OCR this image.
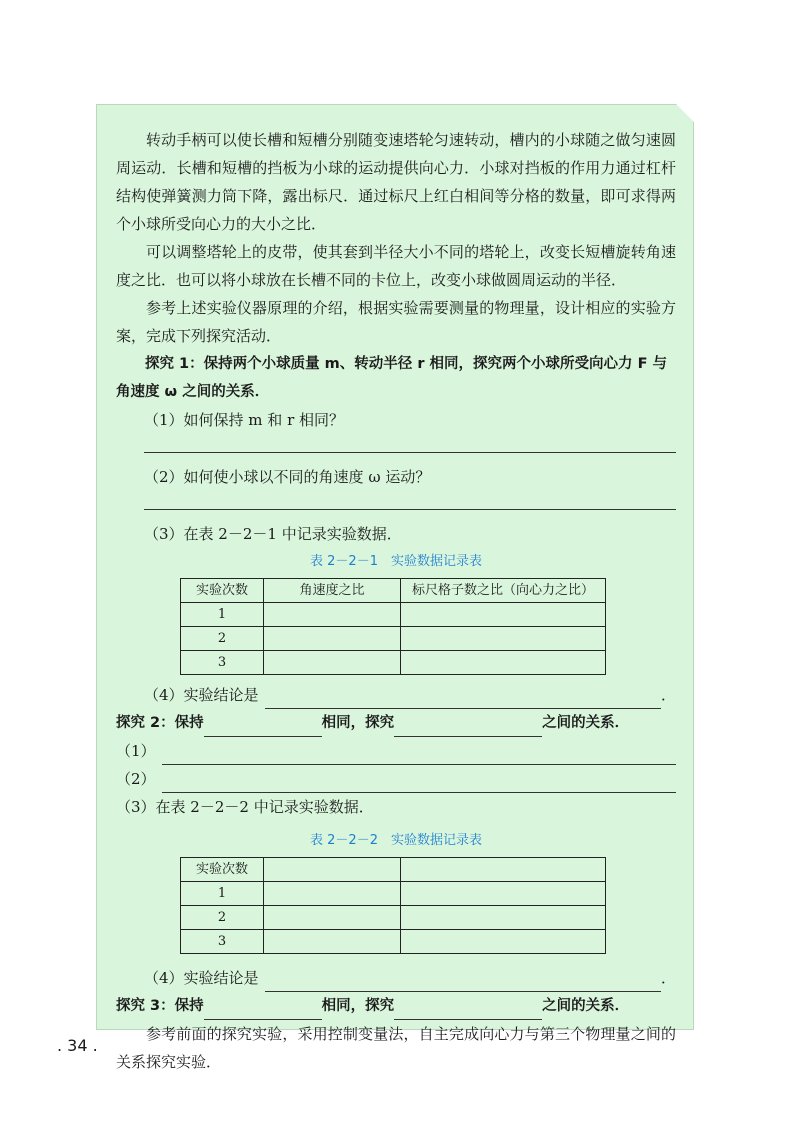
转动手柄可以使长槽和短槽分别随变速塔轮匀速转动，槽内的小球随之做匀速圆周运动．长槽和短槽的挡板为小球的运动提供向心力．小球对挡板的作用力通过杠杆结构使弹簧测力筒下降，露出标尺．通过标尺上红白相间等分格的数量，即可求得两个小球所受向心力的大小之比．

可以调整塔轮上的皮带，使其套到半径大小不同的塔轮上，改变长短槽旋转角速度之比．也可以将小球放在长槽不同的卡位上，改变小球做圆周运动的半径．

参考上述实验仪器原理的介绍，根据实验需要测量的物理量，设计相应的实验方案，完成下列探究活动．

探究 1：保持两个小球质量 m、转动半径 r 相同，探究两个小球所受向心力 F 与角速度 ω 之间的关系．

（1）如何保持 m 和 r 相同？

（2）如何使小球以不同的角速度 ω 运动？

（3）在表 2－2－1 中记录实验数据．

表 2－2－1　实验数据记录表
实验次数	角速度之比	标尺格子数之比（向心力之比）
1		
2		
3		
（4）实验结论是	．
探究 2：保持	相同，探究	之间的关系．
（1）
（2）

（3）在表 2－2－2 中记录实验数据．

表 2－2－2　实验数据记录表
实验次数		
1		
2		
3		
（4）实验结论是	．
探究 3：保持	相同，探究	之间的关系．

参考前面的探究实验，采用控制变量法，自主完成向心力与第三个物理量之间的关系探究实验．

. 34 .
